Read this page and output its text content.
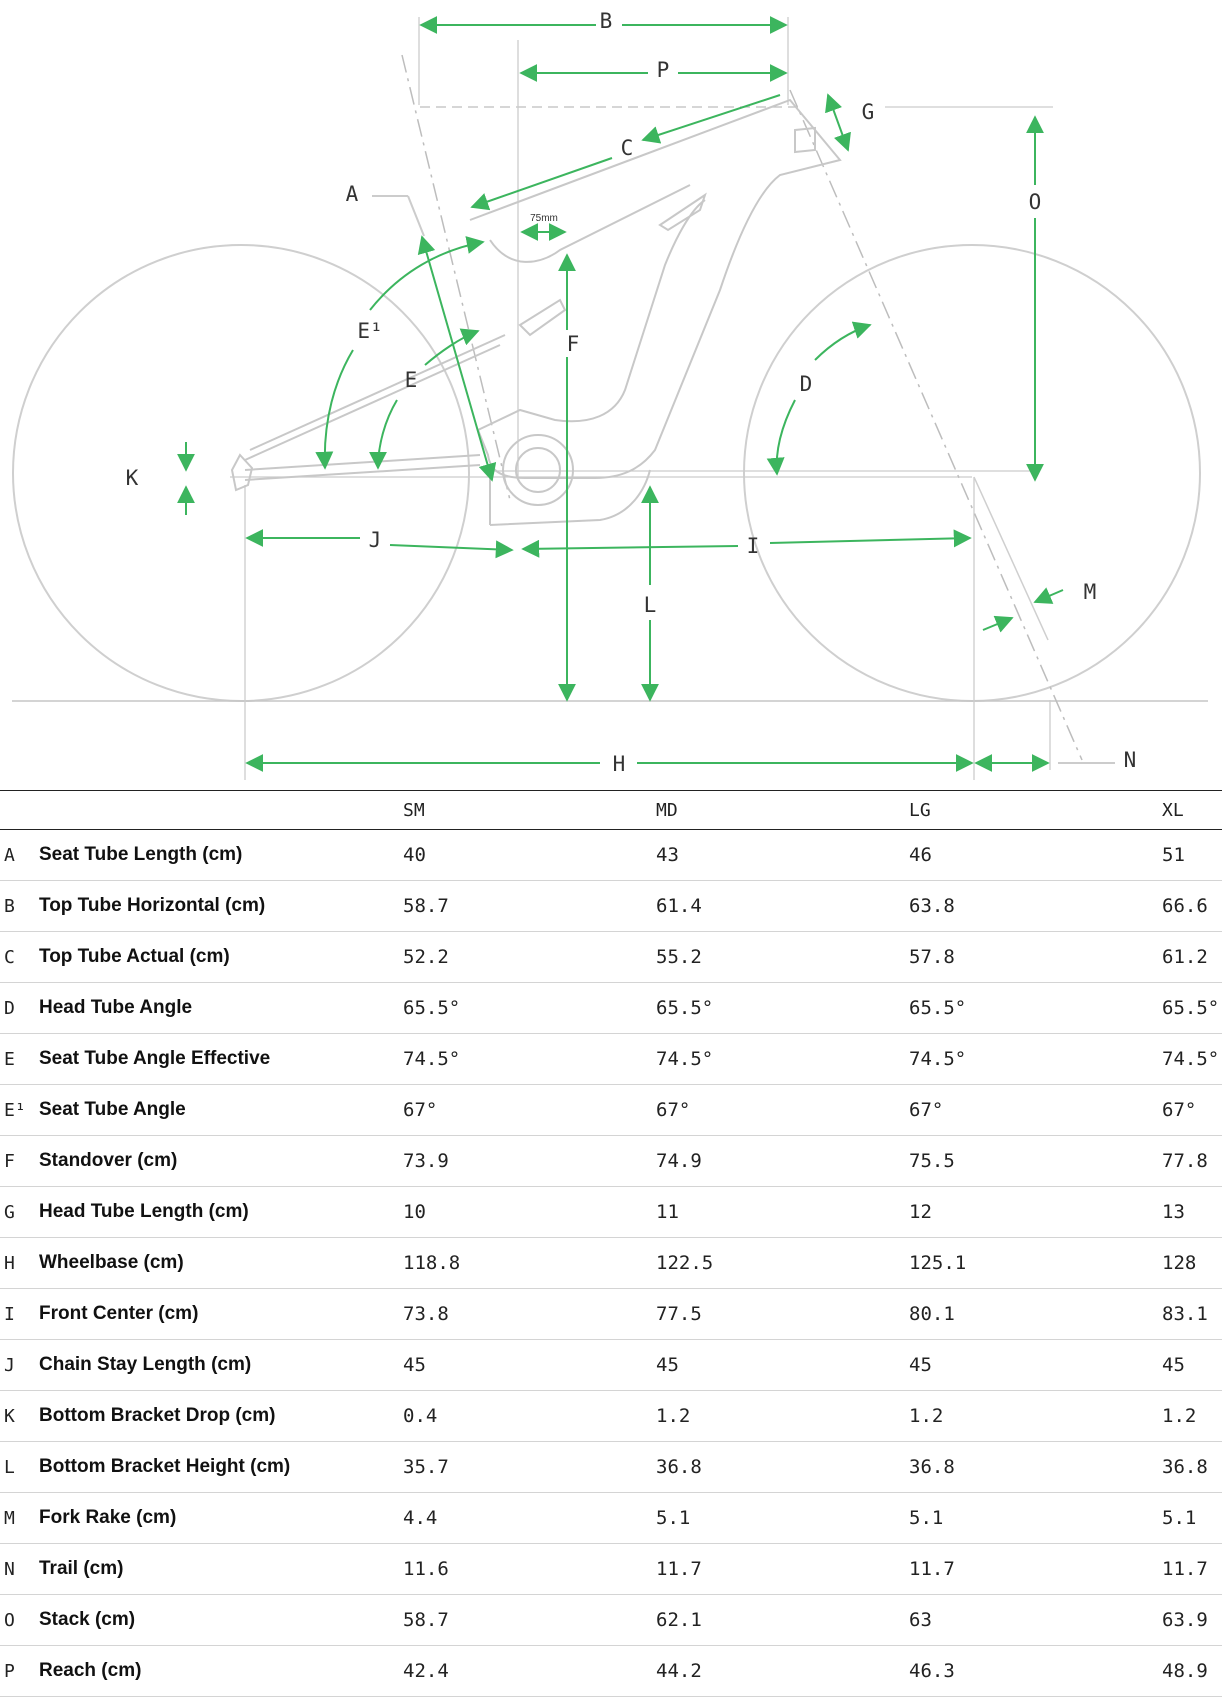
B
P
C
G
O
A
75mm
F
E¹
E	D
K
J	I
L
M
H	N
		SM	MD	LG	XL
A	Seat Tube Length (cm)	40	43	46	51
B	Top Tube Horizontal (cm)	58.7	61.4	63.8	66.6
C	Top Tube Actual (cm)	52.2	55.2	57.8	61.2
D	Head Tube Angle	65.5°	65.5°	65.5°	65.5°
E	Seat Tube Angle Effective	74.5°	74.5°	74.5°	74.5°
E¹	Seat Tube Angle	67°	67°	67°	67°
F	Standover (cm)	73.9	74.9	75.5	77.8
G	Head Tube Length (cm)	10	11	12	13
H	Wheelbase (cm)	118.8	122.5	125.1	128
I	Front Center (cm)	73.8	77.5	80.1	83.1
J	Chain Stay Length (cm)	45	45	45	45
K	Bottom Bracket Drop (cm)	0.4	1.2	1.2	1.2
L	Bottom Bracket Height (cm)	35.7	36.8	36.8	36.8
M	Fork Rake (cm)	4.4	5.1	5.1	5.1
N	Trail (cm)	11.6	11.7	11.7	11.7
O	Stack (cm)	58.7	62.1	63	63.9
P	Reach (cm)	42.4	44.2	46.3	48.9
